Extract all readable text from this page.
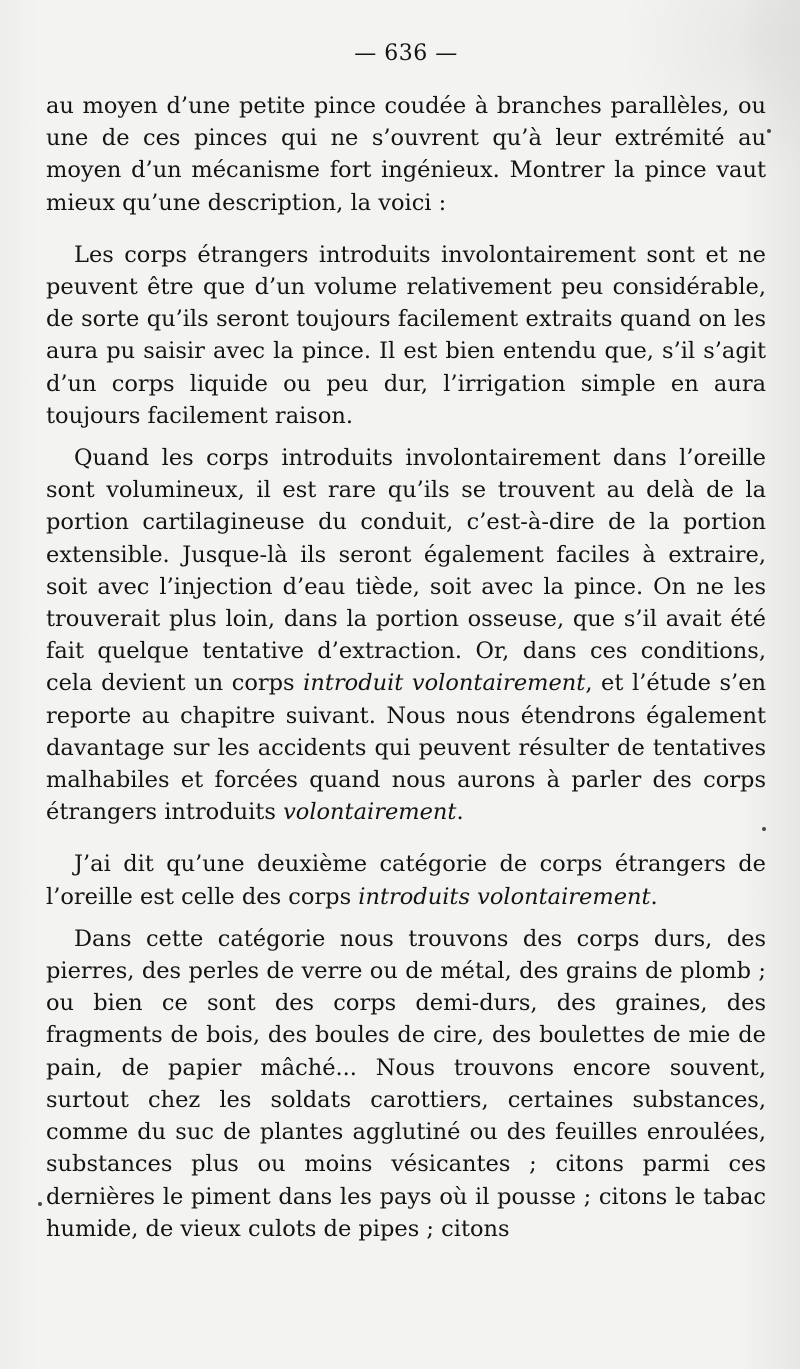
— 636 —

au moyen d’une petite pince coudée à branches parallèles, ou une de ces pinces qui ne s’ouvrent qu’à leur extrémité au moyen d’un mécanisme fort ingénieux. Montrer la pince vaut mieux qu’une description, la voici :

Les corps étrangers introduits involontairement sont et ne peuvent être que d’un volume relativement peu considérable, de sorte qu’ils seront toujours facilement extraits quand on les aura pu saisir avec la pince. Il est bien entendu que, s’il s’agit d’un corps liquide ou peu dur, l’irrigation simple en aura toujours facilement raison.

Quand les corps introduits involontairement dans l’oreille sont volumineux, il est rare qu’ils se trouvent au delà de la portion cartilagineuse du conduit, c’est-à-dire de la portion extensible. Jusque-là ils seront également faciles à extraire, soit avec l’injection d’eau tiède, soit avec la pince. On ne les trouverait plus loin, dans la portion osseuse, que s’il avait été fait quelque tentative d’extraction. Or, dans ces conditions, cela devient un corps introduit volontairement, et l’étude s’en reporte au chapitre suivant. Nous nous étendrons également davantage sur les accidents qui peuvent résulter de tentatives malhabiles et forcées quand nous aurons à parler des corps étrangers introduits volontairement.

J’ai dit qu’une deuxième catégorie de corps étrangers de l’oreille est celle des corps introduits volontairement.

Dans cette catégorie nous trouvons des corps durs, des pierres, des perles de verre ou de métal, des grains de plomb ; ou bien ce sont des corps demi-durs, des graines, des fragments de bois, des boules de cire, des boulettes de mie de pain, de papier mâché... Nous trouvons encore souvent, surtout chez les soldats carottiers, certaines substances, comme du suc de plantes agglutiné ou des feuilles enroulées, substances plus ou moins vésicantes ; citons parmi ces dernières le piment dans les pays où il pousse ; citons le tabac humide, de vieux culots de pipes ; citons
